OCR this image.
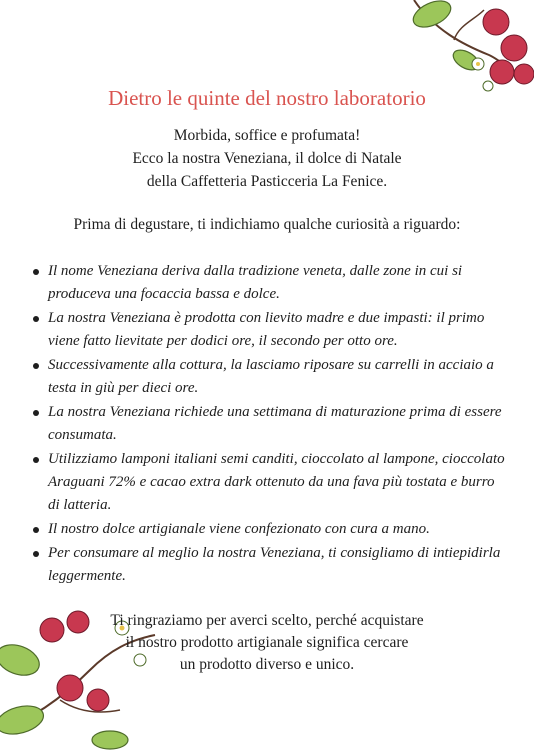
Dietro le quinte del nostro laboratorio
Morbida, soffice e profumata!
Ecco la nostra Veneziana, il dolce di Natale
della Caffetteria Pasticceria La Fenice.
Prima di degustare, ti indichiamo qualche curiosità a riguardo:
Il nome Veneziana deriva dalla tradizione veneta, dalle zone in cui si produceva una focaccia bassa e dolce.
La nostra Veneziana è prodotta con lievito madre e due impasti: il primo viene fatto lievitate per dodici ore, il secondo per otto ore.
Successivamente alla cottura, la lasciamo riposare su carrelli in acciaio a testa in giù per dieci ore.
La nostra Veneziana richiede una settimana di maturazione prima di essere consumata.
Utilizziamo lamponi italiani semi canditi, cioccolato al lampone, cioccolato Araguani 72% e cacao extra dark ottenuto da una fava più tostata e burro di latteria.
Il nostro dolce artigianale viene confezionato con cura a mano.
Per consumare al meglio la nostra Veneziana, ti consigliamo di intiepidirla leggermente.
Ti ringraziamo per averci scelto, perché acquistare
il nostro prodotto artigianale significa cercare
un prodotto diverso e unico.
